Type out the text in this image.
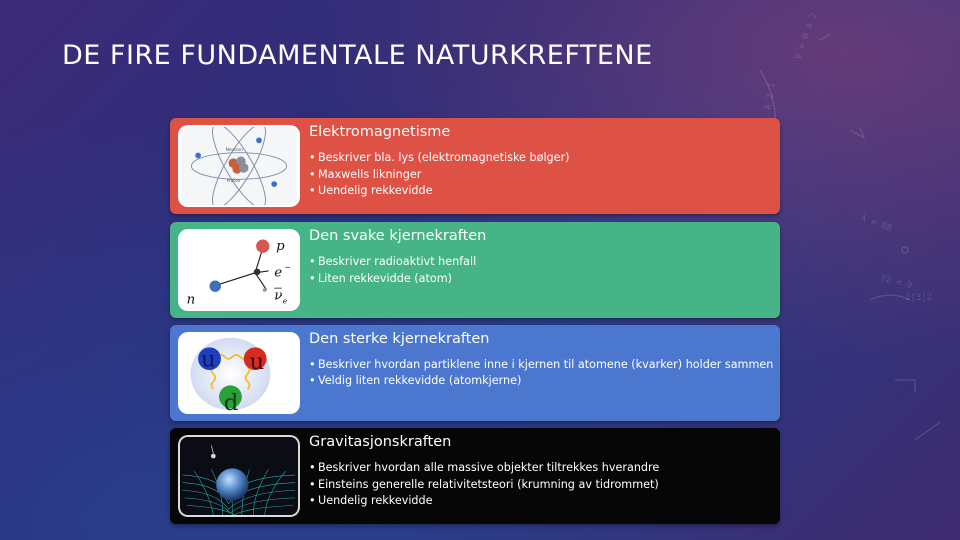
V = 0 ∂ 2
λ = 88
Y2 < 9
1|3|2
A 2 1
DE FIRE FUNDAMENTALE NATURKREFTENE
Neutron
Proton
Elektromagnetisme
• Beskriver bla. lys (elektromagnetiske bølger)
• Maxwells likninger
• Uendelig rekkevidde
p
e −
ν e
n
Den svake kjernekraften
• Beskriver radioaktivt henfall
• Liten rekkevidde (atom)
u u
d
Den sterke kjernekraften
• Beskriver hvordan partiklene inne i kjernen til atomene (kvarker) holder sammen
• Veldig liten rekkevidde (atomkjerne)
Gravitasjonskraften
• Beskriver hvordan alle massive objekter tiltrekkes hverandre
• Einsteins generelle relativitetsteori (krumning av tidrommet)
• Uendelig rekkevidde
